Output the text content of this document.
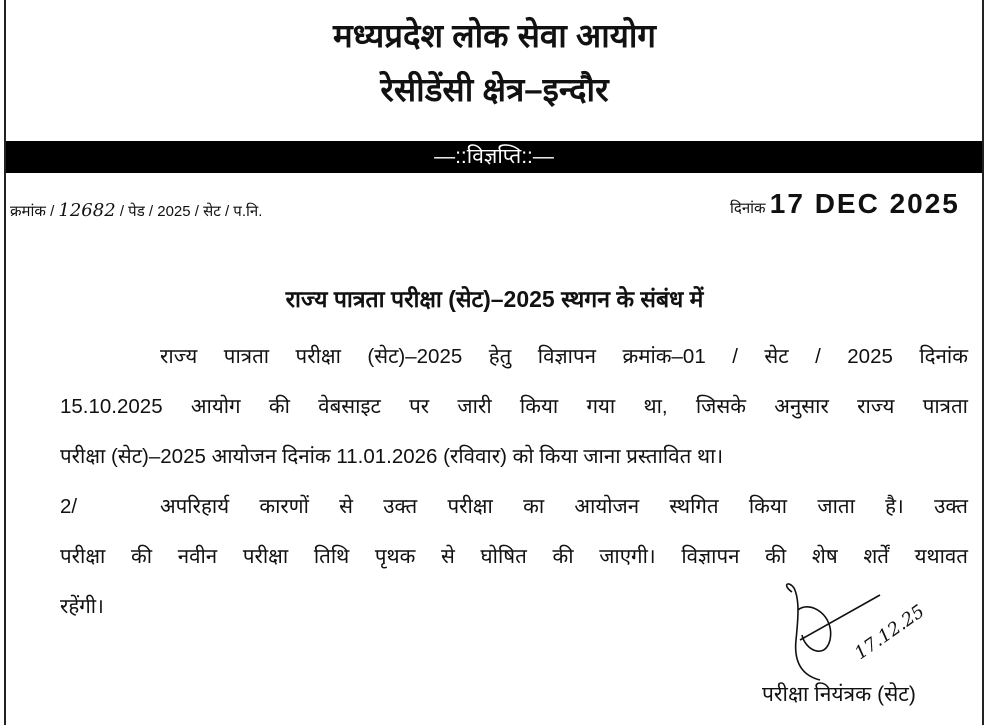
मध्यप्रदेश लोक सेवा आयोग
रेसीडेंसी क्षेत्र–इन्दौर
—::विज्ञप्ति::—
क्रमांक / 12682 / पेड / 2025 / सेट / प.नि.	दिनांक 17 DEC 2025
राज्य पात्रता परीक्षा (सेट)–2025 स्थगन के संबंध में
राज्य पात्रता परीक्षा (सेट)–2025 हेतु विज्ञापन क्रमांक–01 / सेट / 2025 दिनांक
15.10.2025 आयोग की वेबसाइट पर जारी किया गया था, जिसके अनुसार राज्य पात्रता
परीक्षा (सेट)–2025 आयोजन दिनांक 11.01.2026 (रविवार) को किया जाना प्रस्तावित था।
2/	अपरिहार्य कारणों से उक्त परीक्षा का आयोजन स्थगित किया जाता है। उक्त
परीक्षा की नवीन परीक्षा तिथि पृथक से घोषित की जाएगी। विज्ञापन की शेष शर्तें यथावत
रहेंगी।	17.12.25
परीक्षा नियंत्रक (सेट)
